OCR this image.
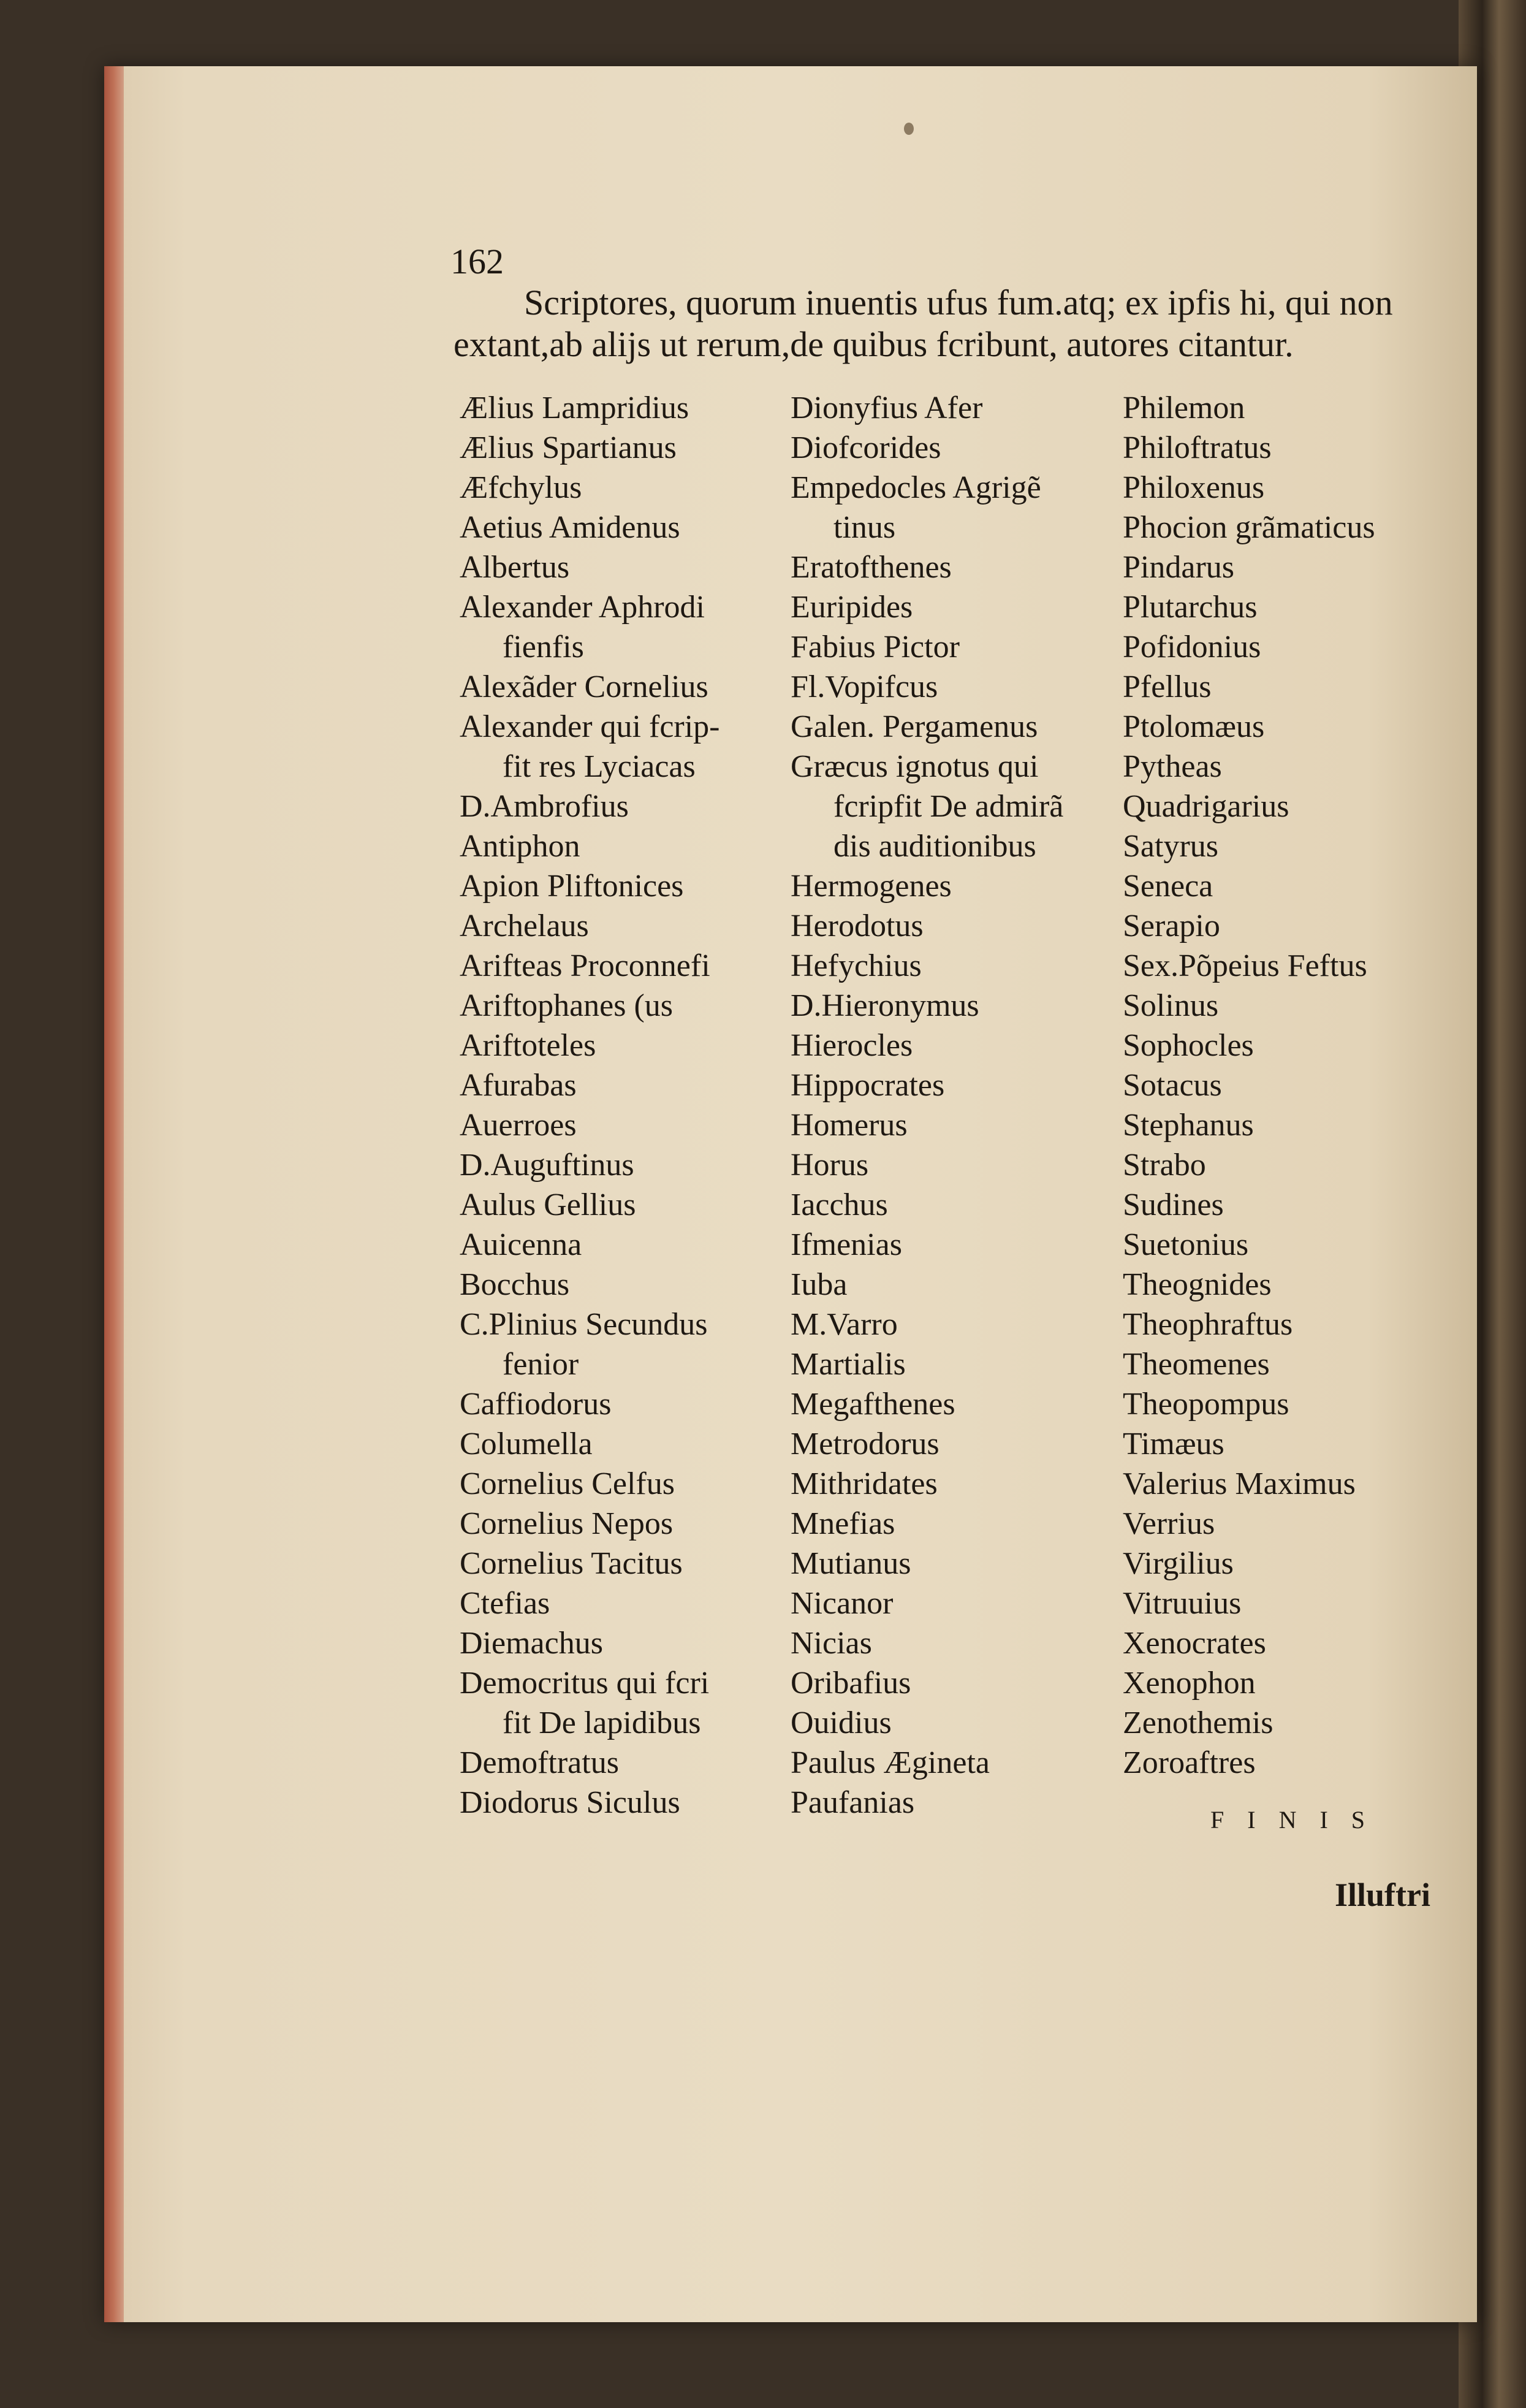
162
Scriptores, quorum inuentis ufus fum.atq; ex ipfis hi, qui non
extant,ab alijs ut rerum,de quibus fcribunt, autores citantur.
Ælius Lampridius
Ælius Spartianus
Æfchylus
Aetius Amidenus
Albertus
Alexander Aphrodi
fienfis
Alexãder Cornelius
Alexander qui fcrip-
fit res Lyciacas
D.Ambrofius
Antiphon
Apion Pliftonices
Archelaus
Arifteas Proconnefi
Ariftophanes (us
Ariftoteles
Afurabas
Auerroes
D.Auguftinus
Aulus Gellius
Auicenna
Bocchus
C.Plinius Secundus
fenior
Caffiodorus
Columella
Cornelius Celfus
Cornelius Nepos
Cornelius Tacitus
Ctefias
Diemachus
Democritus qui fcri
fit De lapidibus
Demoftratus
Diodorus Siculus
Dionyfius Afer
Diofcorides
Empedocles Agrigẽ
tinus
Eratofthenes
Euripides
Fabius Pictor
Fl.Vopifcus
Galen. Pergamenus
Græcus ignotus qui
fcripfit De admirã
dis auditionibus
Hermogenes
Herodotus
Hefychius
D.Hieronymus
Hierocles
Hippocrates
Homerus
Horus
Iacchus
Ifmenias
Iuba
M.Varro
Martialis
Megafthenes
Metrodorus
Mithridates
Mnefias
Mutianus
Nicanor
Nicias
Oribafius
Ouidius
Paulus Ægineta
Paufanias
Philemon
Philoftratus
Philoxenus
Phocion grãmaticus
Pindarus
Plutarchus
Pofidonius
Pfellus
Ptolomæus
Pytheas
Quadrigarius
Satyrus
Seneca
Serapio
Sex.Põpeius Feftus
Solinus
Sophocles
Sotacus
Stephanus
Strabo
Sudines
Suetonius
Theognides
Theophraftus
Theomenes
Theopompus
Timæus
Valerius Maximus
Verrius
Virgilius
Vitruuius
Xenocrates
Xenophon
Zenothemis
Zoroaftres
FINIS
Illuftri
